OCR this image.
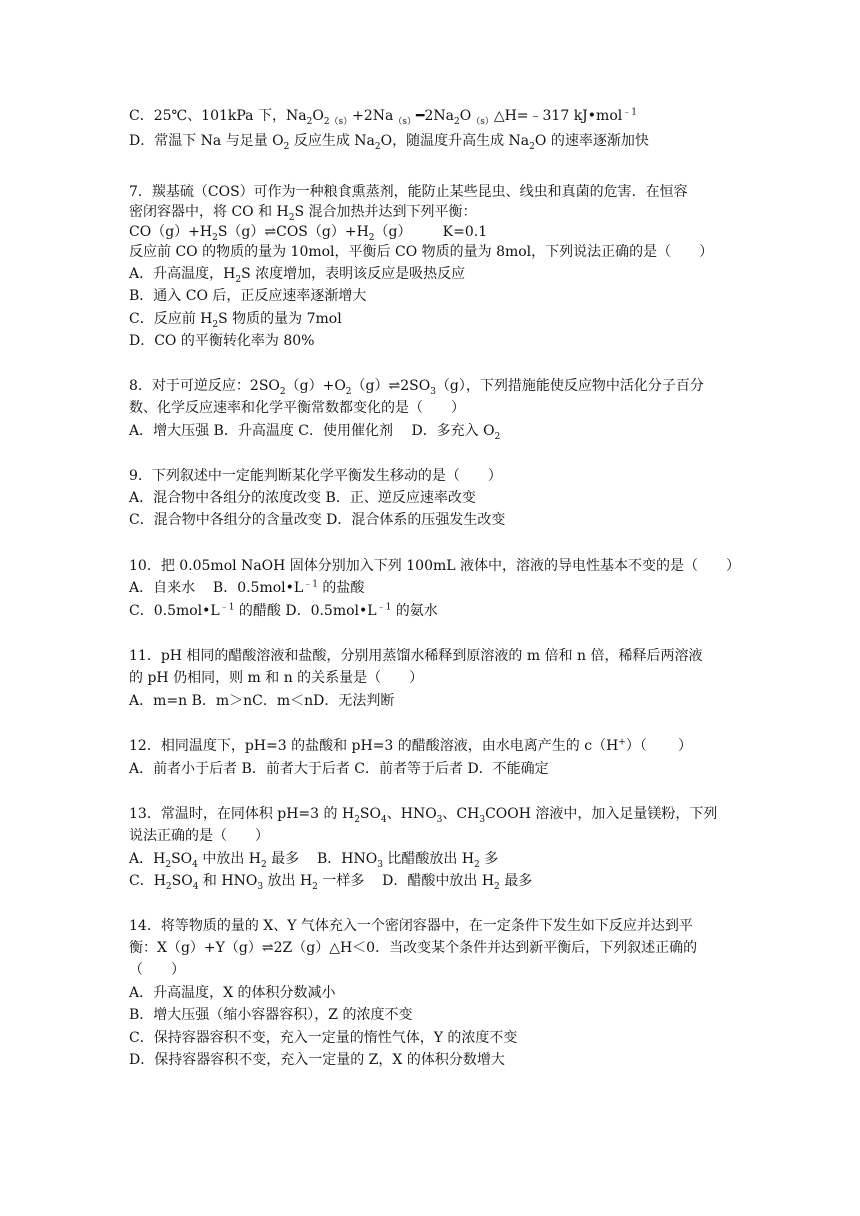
C．25℃、101kPa 下，$Na_2O_{2(s)}+2Na_{(s)}━2Na_2O_{(s)}\triangle H=﹣317$ kJ•mol$^{﹣1}$
D．常温下 Na 与足量 $O_2$ 反应生成 $Na_2O$，随温度升高生成 $Na_2O$ 的速率逐渐加快
7．羰基硫（COS）可作为一种粮食熏蒸剂，能防止某些昆虫、线虫和真菌的危害．在恒容
密闭容器中，将 CO 和 $H_2S$ 混合加热并达到下列平衡：
$CO(g)+H_2S(g)\rightleftharpoons COS(g)+H_2(g)$       K=0.1
反应前 CO 的物质的量为 10mol，平衡后 CO 物质的量为 8mol，下列说法正确的是（　　）
A．升高温度，$H_2S$ 浓度增加，表明该反应是吸热反应
B．通入 CO 后，正反应速率逐渐增大
C．反应前 $H_2S$ 物质的量为 7mol
D．CO 的平衡转化率为 80%
8．对于可逆反应：$2SO_2(g)+O_2(g)\rightleftharpoons 2SO_3(g)$，下列措施能使反应物中活化分子百分
数、化学反应速率和化学平衡常数都变化的是（　　）
A．增大压强 B．升高温度 C．使用催化剂　 D．多充入 $O_2$
9．下列叙述中一定能判断某化学平衡发生移动的是（　　）
A．混合物中各组分的浓度改变 B．正、逆反应速率改变
C．混合物中各组分的含量改变 D．混合体系的压强发生改变
10．把 0.05mol NaOH 固体分别加入下列 100mL 液体中，溶液的导电性基本不变的是（　　）
A．自来水    B．$0.5mol•L^{﹣1}$ 的盐酸
C．$0.5mol•L^{﹣1}$ 的醋酸 D．$0.5mol•L^{﹣1}$ 的氨水
11．pH 相同的醋酸溶液和盐酸，分别用蒸馏水稀释到原溶液的 m 倍和 n 倍，稀释后两溶液
的 pH 仍相同，则 m 和 n 的关系量是（　　）
A．m=n B．m＞nC．m＜nD．无法判断
12．相同温度下，pH=3 的盐酸和 pH=3 的醋酸溶液，由水电离产生的 c（H+）（       ）
A．前者小于后者 B．前者大于后者 C．前者等于后者 D．不能确定
13．常温时，在同体积 pH=3 的 $H_2SO_4$、$HNO_3$、$CH_3COOH$ 溶液中，加入足量镁粉，下列
说法正确的是（　　）
A．$H_2SO_4$ 中放出 $H_2$ 最多    B．$HNO_3$ 比醋酸放出 $H_2$ 多
C．$H_2SO_4$ 和 $HNO_3$ 放出 $H_2$ 一样多    D．醋酸中放出 $H_2$ 最多
14．将等物质的量的 X、Y 气体充入一个密闭容器中，在一定条件下发生如下反应并达到平
衡：X（g）+Y（g）⇌2Z（g）△H＜0．当改变某个条件并达到新平衡后，下列叙述正确的
（　　）
A．升高温度，X 的体积分数减小
B．增大压强（缩小容器容积），Z 的浓度不变
C．保持容器容积不变，充入一定量的惰性气体，Y 的浓度不变
D．保持容器容积不变，充入一定量的 Z，X 的体积分数增大
